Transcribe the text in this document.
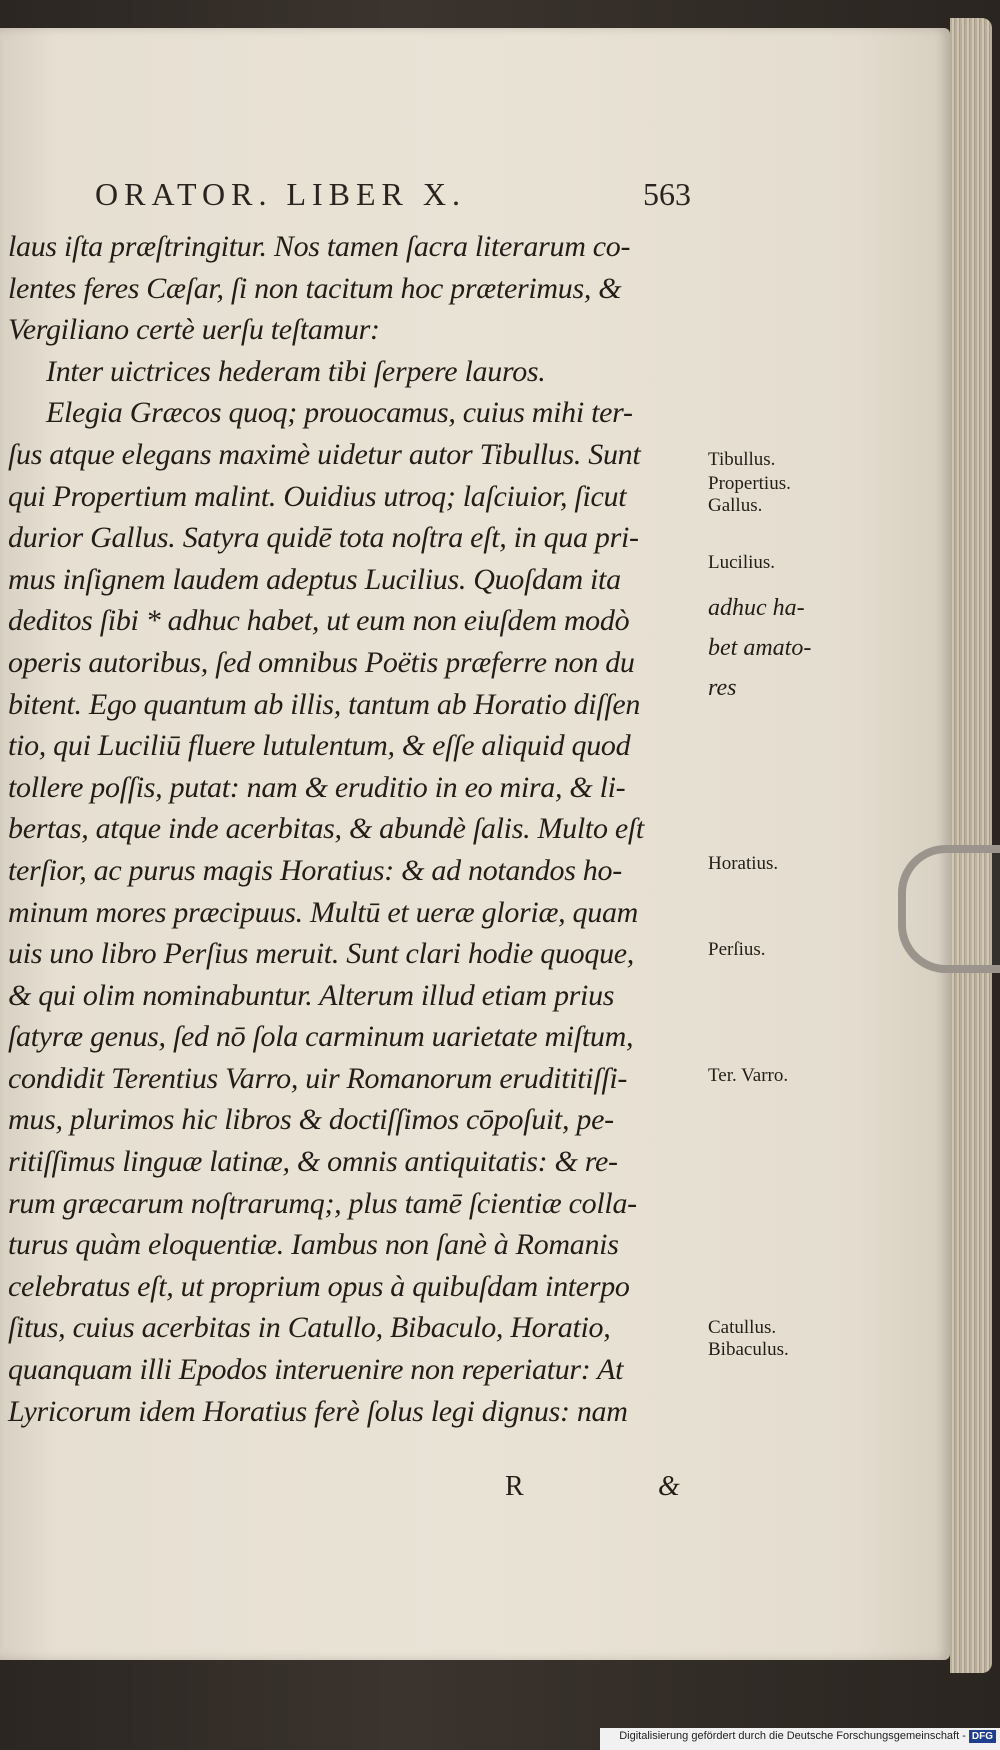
ORATOR. LIBER X.	563
laus iſta præſtringitur. Nos tamen ſacra literarum co-
lentes feres Cæſar, ſi non tacitum hoc præterimus, &
Vergiliano certè uerſu teſtamur:
Inter uictrices hederam tibi ſerpere lauros.
Elegia Græcos quoq; prouocamus, cuius mihi ter-
ſus atque elegans maximè uidetur autor Tibullus. Sunt
qui Propertium malint. Ouidius utroq; laſciuior, ſicut
durior Gallus. Satyra quidē tota noſtra eſt, in qua pri-
mus inſignem laudem adeptus Lucilius. Quoſdam ita
deditos ſibi * adhuc habet, ut eum non eiuſdem modò
operis autoribus, ſed omnibus Poëtis præferre non du
bitent. Ego quantum ab illis, tantum ab Horatio diſſen
tio, qui Luciliū fluere lutulentum, & eſſe aliquid quod
tollere poſſis, putat: nam & eruditio in eo mira, & li-
bertas, atque inde acerbitas, & abundè ſalis. Multo eſt
terſior, ac purus magis Horatius: & ad notandos ho-
minum mores præcipuus. Multū et ueræ gloriæ, quam
uis uno libro Perſius meruit. Sunt clari hodie quoque,
& qui olim nominabuntur. Alterum illud etiam prius
ſatyræ genus, ſed nō ſola carminum uarietate miſtum,
condidit Terentius Varro, uir Romanorum erudititiſſi-
mus, plurimos hic libros & doctiſſimos cōpoſuit, pe-
ritiſſimus linguæ latinæ, & omnis antiquitatis: & re-
rum græcarum noſtrarumq;, plus tamē ſcientiæ colla-
turus quàm eloquentiæ. Iambus non ſanè à Romanis
celebratus eſt, ut proprium opus à quibuſdam interpo
ſitus, cuius acerbitas in Catullo, Bibaculo, Horatio,
quanquam illi Epodos interuenire non reperiatur: At
Lyricorum idem Horatius ferè ſolus legi dignus: nam
Tibullus.
Propertius.
Gallus.
Lucilius.
adhuc ha-
bet amato-
res
Horatius.
Perſius.
Ter. Varro.
Catullus.
Bibaculus.
R	&
Digitalisierung gefördert durch die Deutsche Forschungsgemeinschaft - DFG
